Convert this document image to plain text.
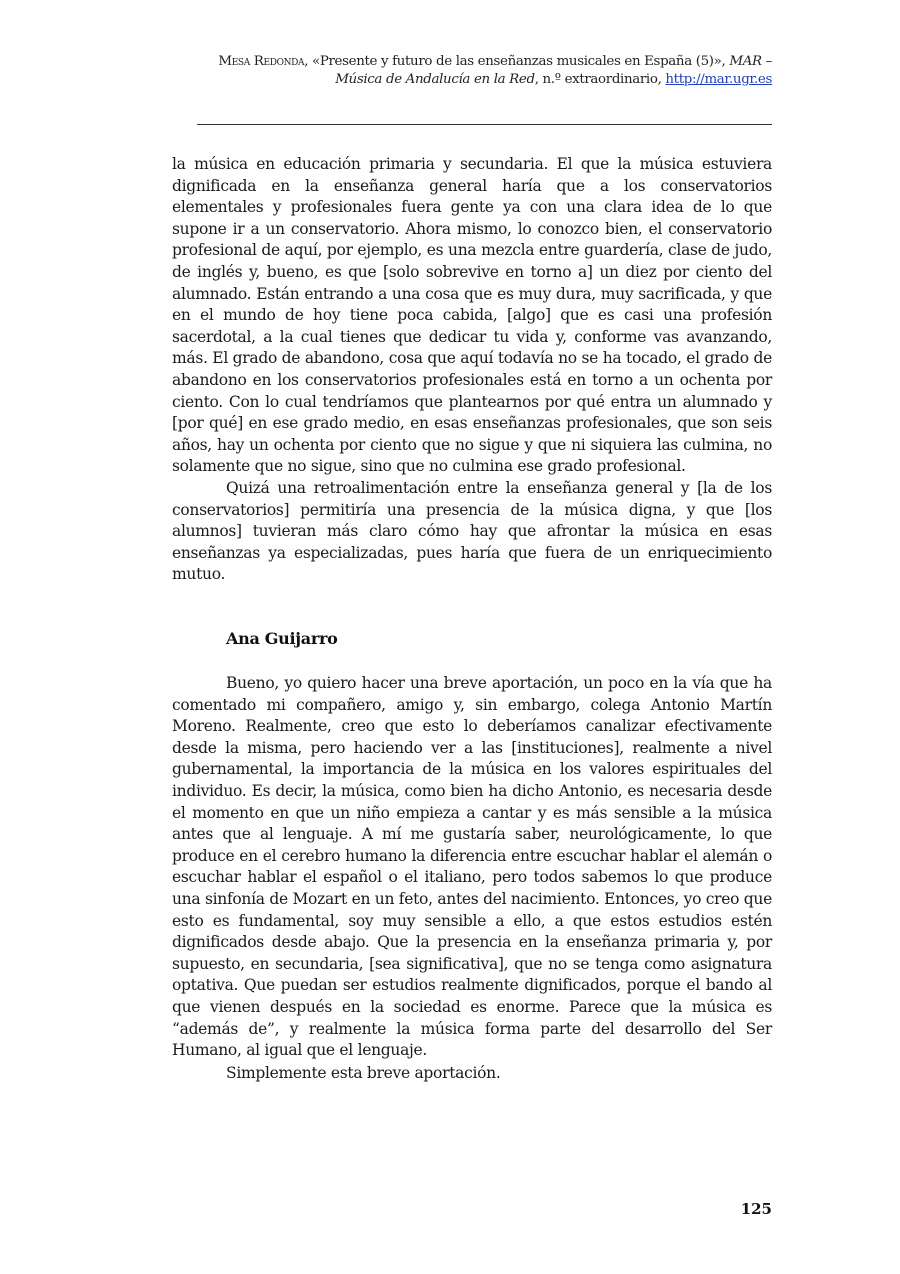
Mesa Redonda, «Presente y futuro de las enseñanzas musicales en España (5)», MAR – Música de Andalucía en la Red, n.º extraordinario, http://mar.ugr.es
la música en educación primaria y secundaria. El que la música estuviera dignificada en la enseñanza general haría que a los conservatorios elementales y profesionales fuera gente ya con una clara idea de lo que supone ir a un conservatorio. Ahora mismo, lo conozco bien, el conservatorio profesional de aquí, por ejemplo, es una mezcla entre guardería, clase de judo, de inglés y, bueno, es que [solo sobrevive en torno a] un diez por ciento del alumnado. Están entrando a una cosa que es muy dura, muy sacrificada, y que en el mundo de hoy tiene poca cabida, [algo] que es casi una profesión sacerdotal, a la cual tienes que dedicar tu vida y, conforme vas avanzando, más. El grado de abandono, cosa que aquí todavía no se ha tocado, el grado de abandono en los conservatorios profesionales está en torno a un ochenta por ciento. Con lo cual tendríamos que plantearnos por qué entra un alumnado y [por qué] en ese grado medio, en esas enseñanzas profesionales, que son seis años, hay un ochenta por ciento que no sigue y que ni siquiera las culmina, no solamente que no sigue, sino que no culmina ese grado profesional.
Quizá una retroalimentación entre la enseñanza general y [la de los conservatorios] permitiría una presencia de la música digna, y que [los alumnos] tuvieran más claro cómo hay que afrontar la música en esas enseñanzas ya especializadas, pues haría que fuera de un enriquecimiento mutuo.
Ana Guijarro
Bueno, yo quiero hacer una breve aportación, un poco en la vía que ha comentado mi compañero, amigo y, sin embargo, colega Antonio Martín Moreno. Realmente, creo que esto lo deberíamos canalizar efectivamente desde la misma, pero haciendo ver a las [instituciones], realmente a nivel gubernamental, la importancia de la música en los valores espirituales del individuo. Es decir, la música, como bien ha dicho Antonio, es necesaria desde el momento en que un niño empieza a cantar y es más sensible a la música antes que al lenguaje. A mí me gustaría saber, neurológicamente, lo que produce en el cerebro humano la diferencia entre escuchar hablar el alemán o escuchar hablar el español o el italiano, pero todos sabemos lo que produce una sinfonía de Mozart en un feto, antes del nacimiento. Entonces, yo creo que esto es fundamental, soy muy sensible a ello, a que estos estudios estén dignificados desde abajo. Que la presencia en la enseñanza primaria y, por supuesto, en secundaria, [sea significativa], que no se tenga como asignatura optativa. Que puedan ser estudios realmente dignificados, porque el bando al que vienen después en la sociedad es enorme. Parece que la música es “además de”, y realmente la música forma parte del desarrollo del Ser Humano, al igual que el lenguaje.
Simplemente esta breve aportación.
125
